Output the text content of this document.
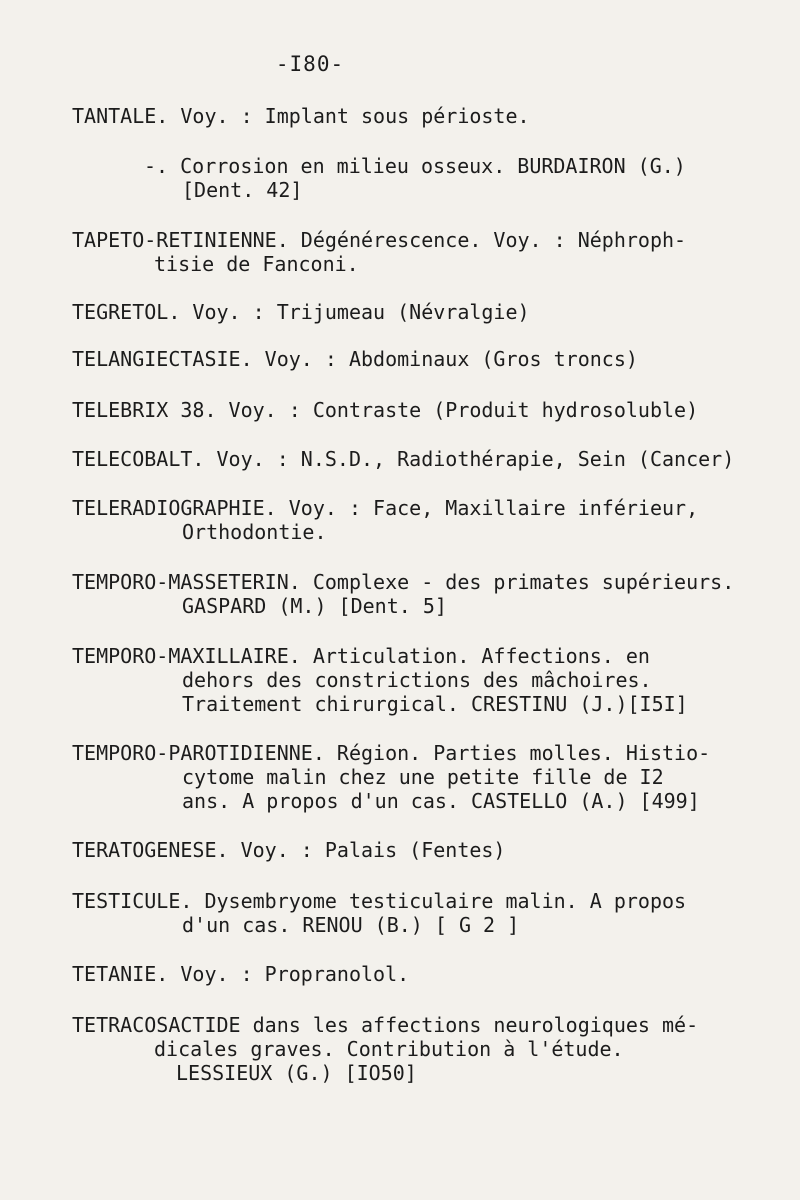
-I80-
TANTALE. Voy. : Implant sous périoste.
-. Corrosion en milieu osseux. BURDAIRON (G.)
[Dent. 42]
TAPETO-RETINIENNE. Dégénérescence. Voy. : Néphroph-
tisie de Fanconi.
TEGRETOL. Voy. : Trijumeau (Névralgie)
TELANGIECTASIE. Voy. : Abdominaux (Gros troncs)
TELEBRIX 38. Voy. : Contraste (Produit hydrosoluble)
TELECOBALT. Voy. : N.S.D., Radiothérapie, Sein (Cancer)
TELERADIOGRAPHIE. Voy. : Face, Maxillaire inférieur,
Orthodontie.
TEMPORO-MASSETERIN. Complexe - des primates supérieurs.
GASPARD (M.) [Dent. 5]
TEMPORO-MAXILLAIRE. Articulation. Affections. en
dehors des constrictions des mâchoires.
Traitement chirurgical. CRESTINU (J.)[I5I]
TEMPORO-PAROTIDIENNE. Région. Parties molles. Histio-
cytome malin chez une petite fille de I2
ans. A propos d'un cas. CASTELLO (A.) [499]
TERATOGENESE. Voy. : Palais (Fentes)
TESTICULE. Dysembryome testiculaire malin. A propos
d'un cas. RENOU (B.) [ G 2 ]
TETANIE. Voy. : Propranolol.
TETRACOSACTIDE dans les affections neurologiques mé-
dicales graves. Contribution à l'étude.
LESSIEUX (G.) [IO50]
